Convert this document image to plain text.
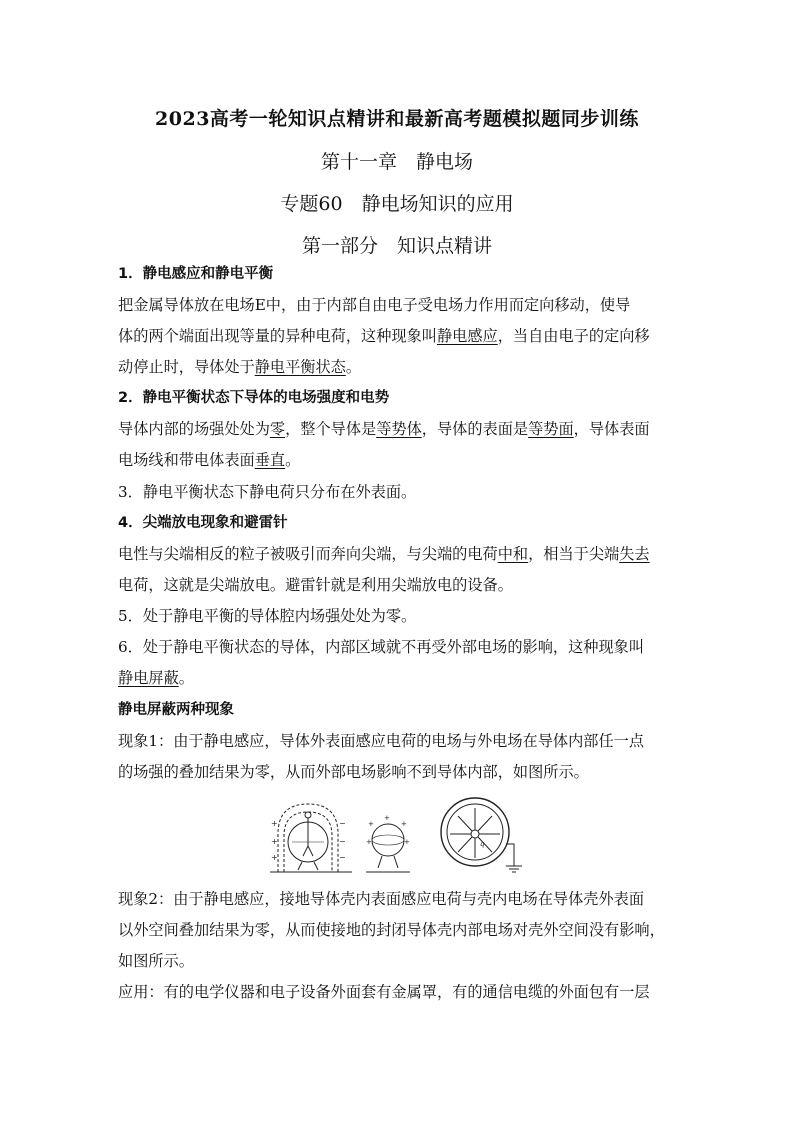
2023高考一轮知识点精讲和最新高考题模拟题同步训练
第十一章　静电场
专题60　静电场知识的应用
第一部分　知识点精讲
1．静电感应和静电平衡
把金属导体放在电场E中，由于内部自由电子受电场力作用而定向移动，使导
体的两个端面出现等量的异种电荷，这种现象叫静电感应，当自由电子的定向移
动停止时，导体处于静电平衡状态。
2．静电平衡状态下导体的电场强度和电势
导体内部的场强处处为零，整个导体是等势体，导体的表面是等势面，导体表面
电场线和带电体表面垂直。
3．静电平衡状态下静电荷只分布在外表面。
4．尖端放电现象和避雷针
电性与尖端相反的粒子被吸引而奔向尖端，与尖端的电荷中和，相当于尖端失去
电荷，这就是尖端放电。避雷针就是利用尖端放电的设备。
5．处于静电平衡的导体腔内场强处处为零。
6．处于静电平衡状态的导体，内部区域就不再受外部电场的影响，这种现象叫
静电屏蔽。
静电屏蔽两种现象
现象1：由于静电感应，导体外表面感应电荷的电场与外电场在导体内部任一点
的场强的叠加结果为零，从而外部电场影响不到导体内部，如图所示。
+
+
+
−
−
−
+
+
+
+	+	q
现象2：由于静电感应，接地导体壳内表面感应电荷与壳内电场在导体壳外表面
以外空间叠加结果为零，从而使接地的封闭导体壳内部电场对壳外空间没有影响，
如图所示。
应用：有的电学仪器和电子设备外面套有金属罩，有的通信电缆的外面包有一层
